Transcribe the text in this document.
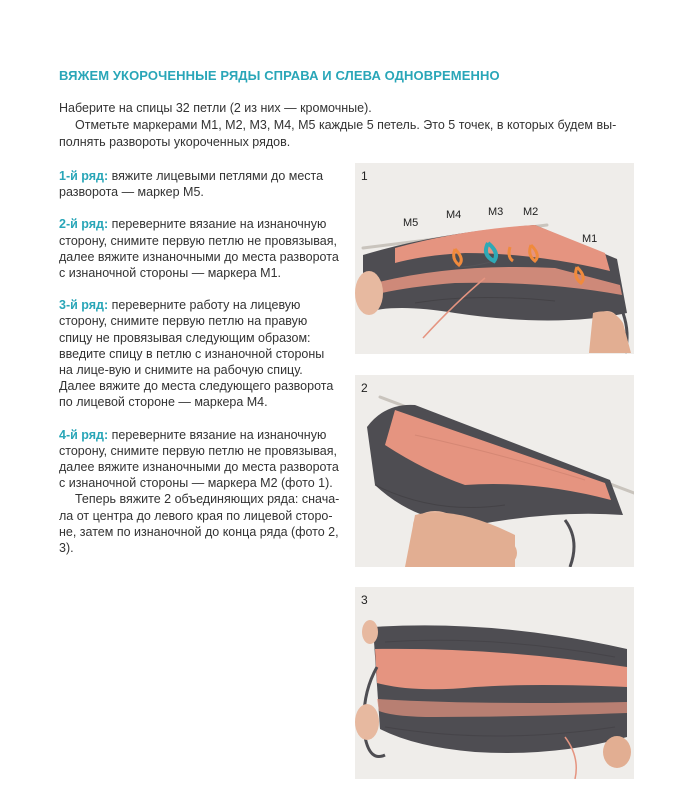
ВЯЖЕМ УКОРОЧЕННЫЕ РЯДЫ СПРАВА И СЛЕВА ОДНОВРЕМЕННО

Наберите на спицы 32 петли (2 из них — кромочные).

Отметьте маркерами М1, М2, М3, М4, М5 каждые 5 петель. Это 5 точек, в которых будем вы-

полнять развороты укороченных рядов.

1-й ряд: вяжите лицевыми петлями до места разворота — маркер М5.

2-й ряд: переверните вязание на изнаночную сторону, снимите первую петлю не провязывая, далее вяжите изнаночными до места разворота с изнаночной стороны — маркера М1.

3-й ряд: переверните работу на лицевую сторону, снимите первую петлю на правую спицу не провязывая следующим образом: введите спицу в петлю с изнаночной стороны на лице-вую и снимите на рабочую спицу. Далее вяжите до места следующего разворота по лицевой стороне — маркера М4.

4-й ряд: переверните вязание на изнаночную сторону, снимите первую петлю не провязывая, далее вяжите изнаночными до места разворота с изнаночной стороны — маркера М2 (фото 1).

Теперь вяжите 2 объединяющих ряда: снача-ла от центра до левого края по лицевой сторо-не, затем по изнаночной до конца ряда (фото 2, 3).

1
М5
М4 М3 М2
М1
2
3
